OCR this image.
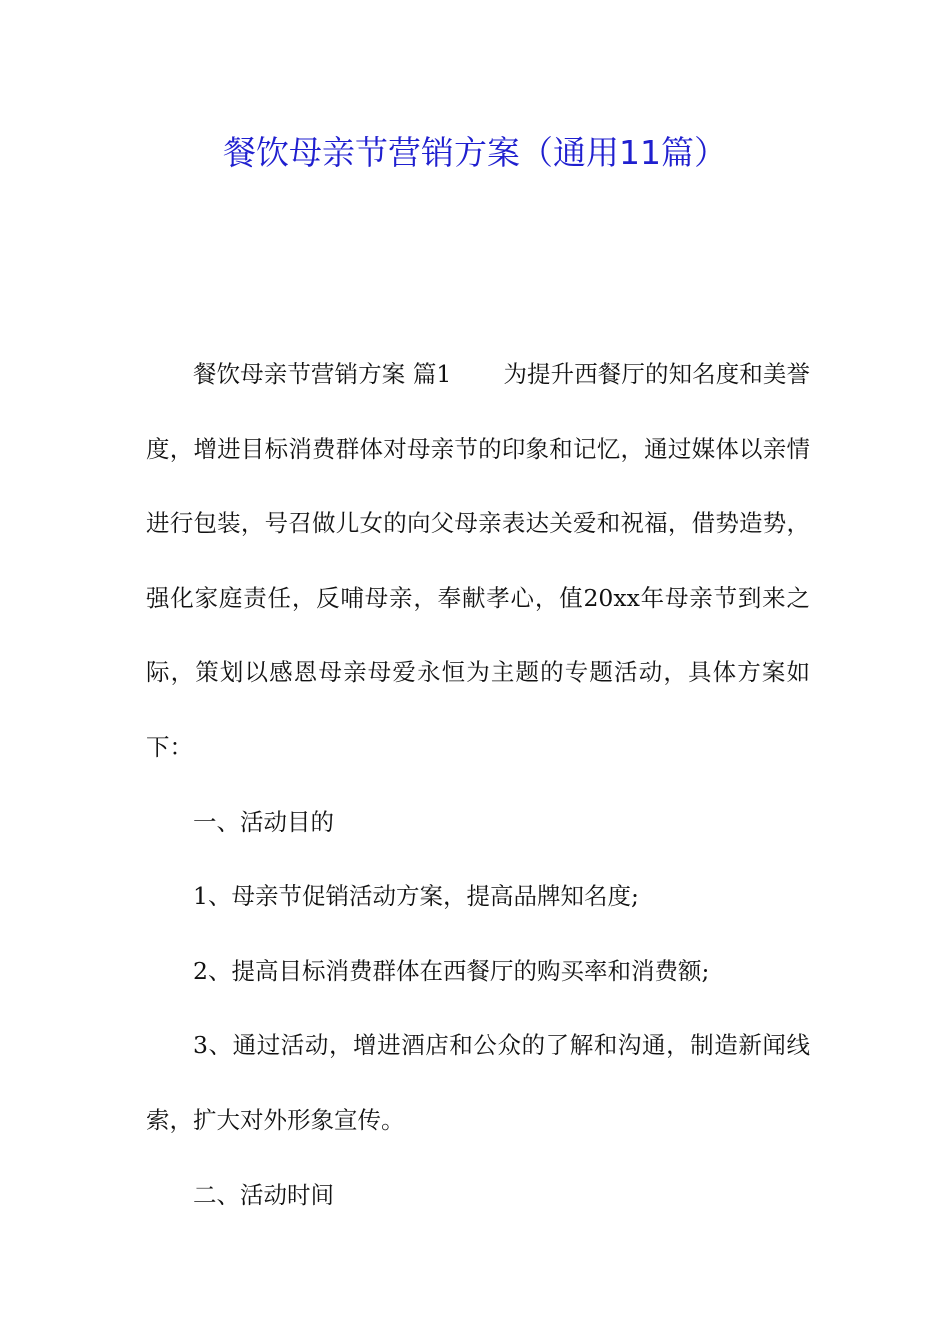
餐饮母亲节营销方案（通用11篇）

餐饮母亲节营销方案 篇1 为提升西餐厅的知名度和美誉度，增进目标消费群体对母亲节的印象和记忆，通过媒体以亲情进行包装，号召做儿女的向父母亲表达关爱和祝福，借势造势，强化家庭责任，反哺母亲，奉献孝心，值20xx年母亲节到来之际，策划以感恩母亲母爱永恒为主题的专题活动，具体方案如下：

一、活动目的

1、母亲节促销活动方案，提高品牌知名度;

2、提高目标消费群体在西餐厅的购买率和消费额;

3、通过活动，增进酒店和公众的了解和沟通，制造新闻线索，扩大对外形象宣传。

二、活动时间
